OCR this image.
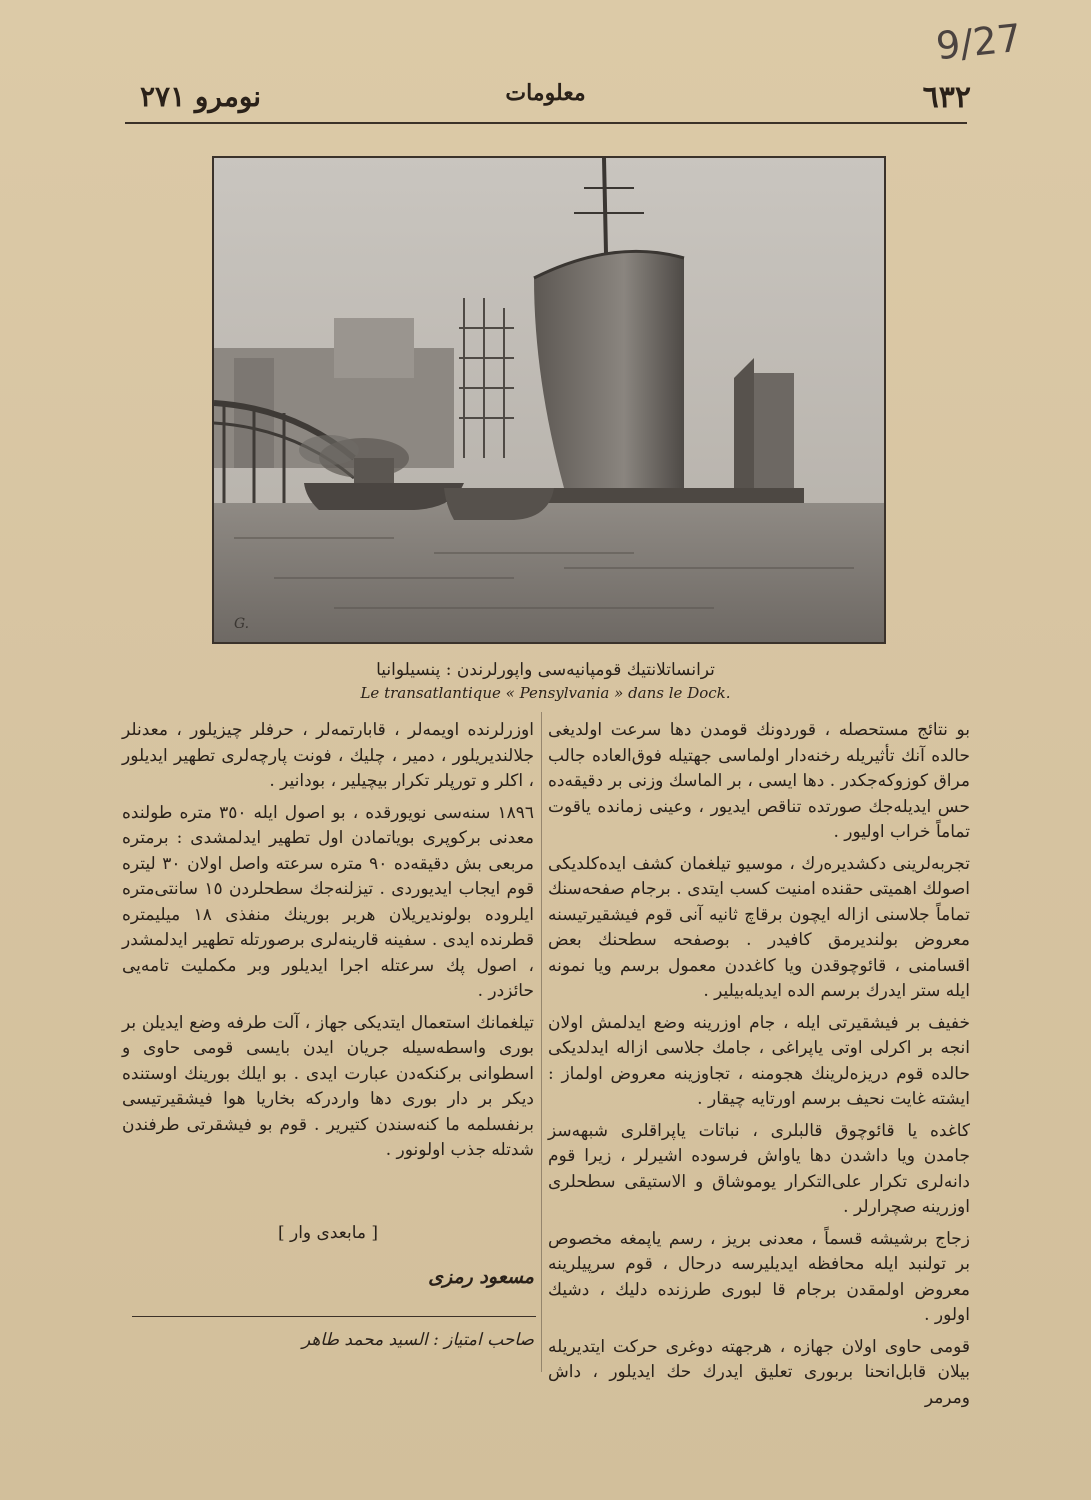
9/27
٦٣٢
معلومات
نومرو ٢٧١
G.
ترانساتلانتیك قومپانیه‌سی واپورلرندن : پنسیلوانیا
Le transatlantique « Pensylvania » dans le Dock.

بو نتائج مستحصله ، قوردونك قومدن دها سرعت اولدیغی حالده آنك تأثیریله رخنه‌دار اولماسی جهتیله فوق‌العاده جالب مراق کوزوکه‌جکدر . دها ایسی ، بر الماسك وزنی بر دقیقه‌ده حس ایدیله‌جك صورتده تناقص ایدیور ، وعینی زمانده یاقوت تماماً خراب اولیور .

تجربه‌لرینی دکشدیره‌رك ، موسیو تیلغمان کشف ایده‌کلدیکی اصولك اهمیتی حقنده امنیت کسب ایتدی . برجام صفحه‌سنك تماماً جلاسنی ازاله ایچون برقاچ ثانیه آنی قوم فیشقیرتیسنه معروض بولندیرمق کافیدر . بوصفحه سطحنك بعض اقسامنی ، قائوچوقدن ویا کاغددن معمول برسم ویا نمونه ایله ستر ایدرك برسم الده ایدیله‌بیلیر .

خفیف بر فیشقیرتی ایله ، جام اوزرینه وضع ایدلمش اولان انجه بر اکرلی اوتی یاپراغی ، جامك جلاسی ازاله ایدلدیکی حالده قوم دریزه‌لرینك هجومنه ، تجاوزینه معروض اولماز : ایشته غایت نحیف برسم اورتایه چیقار .

کاغده یا قائوچوق قالبلری ، نباتات یاپراقلری شبهه‌سز جامدن ویا داشدن دها یاواش فرسوده اشیرلر ، زیرا قوم دانه‌لری تکرار علی‌التکرار یوموشاق و الاستیقی سطحلری اوزرینه صچرارلر .

زجاج برشیشه قسماً ، معدنی بریز ، رسم یاپمغه مخصوص بر تولنبد ایله محافظه ایدیلیرسه درحال ، قوم سرپیلرینه معروض اولمقدن برجام قا لبوری طرزنده دلیك ، دشیك اولور .

قومی حاوی اولان جهازه ، هرجهته دوغری حرکت ایتدیریله بیلان قابل‌انحنا بربوری تعلیق ایدرك حك ایدیلور ، داش ومرمر

اوزرلرنده اویمه‌لر ، قابارتمه‌لر ، حرفلر چیزیلور ، معدنلر جلالندیریلور ، دمیر ، چلیك ، فونت پارچه‌لری تطهیر ایدیلور ، اکلر و تورپلر تکرار بیچیلیر ، بودانیر .

١٨٩٦ سنه‌سی نویورقده ، بو اصول ایله ٣٥٠ متره طولنده معدنی برکوپری بویاتمادن اول تطهیر ایدلمشدی : برمتره مربعی بش دقیقه‌ده ٩٠ متره سرعته واصل اولان ٣٠ لیتره قوم ایجاب ایدیوردی . تیزلنه‌جك سطحلردن ١٥ سانتی‌متره ایلروده بولوندیریلان هربر بورینك منفذی ١٨ میلیمتره قطرنده ایدی . سفینه قارینه‌لری برصورتله تطهیر ایدلمشدر ، اصول پك سرعتله اجرا ایدیلور وبر مکملیت تامه‌یی حائزدر .

تیلغمانك استعمال ایتدیکی جهاز ، آلت طرفه وضع ایدیلن بر بوری واسطه‌سیله جریان ایدن بایسی قومی حاوی و اسطوانی برکنکه‌دن عبارت ایدی . بو ایلك بورینك اوستنده دیکر بر دار بوری دها واردرکه بخاریا هوا فیشقیرتیسی برنفسلمه ما کنه‌سندن کتیریر . قوم بو فیشقرتی طرفندن شدتله جذب اولونور .

[ مابعدی وار ]
مسعود رمزی
صاحب امتیاز : السید محمد طاهر
